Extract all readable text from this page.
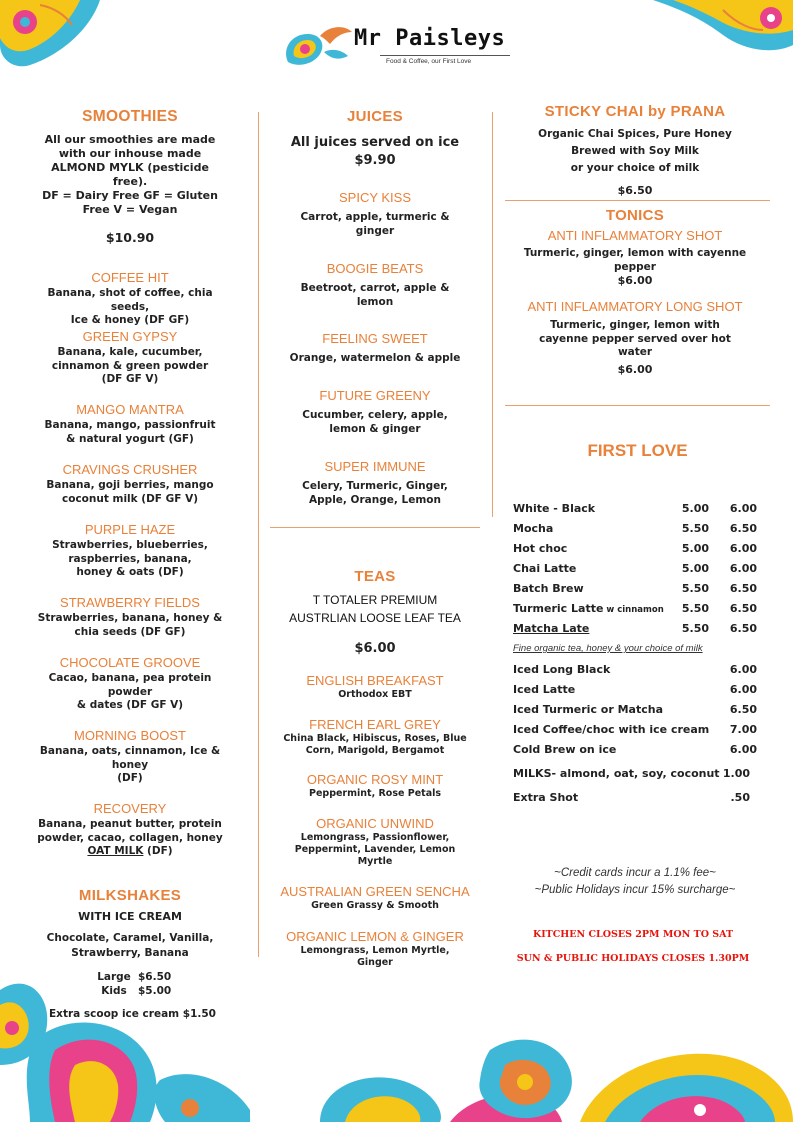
Mr Paisleys
Food & Coffee, our First Love
SMOOTHIES
All our smoothies are made
with our inhouse made
ALMOND MYLK (pesticide
free).
DF = Dairy Free GF = Gluten
Free V = Vegan
$10.90
COFFEE HIT
Banana, shot of coffee, chia seeds,
Ice & honey (DF GF)
GREEN GYPSY
Banana, kale, cucumber,
cinnamon & green powder
(DF GF V)
MANGO MANTRA
Banana, mango, passionfruit
& natural yogurt (GF)
CRAVINGS CRUSHER
Banana, goji berries, mango
coconut milk (DF GF V)
PURPLE HAZE
Strawberries, blueberries,
raspberries, banana,
honey & oats (DF)
STRAWBERRY FIELDS
Strawberries, banana, honey &
chia seeds (DF GF)
CHOCOLATE GROOVE
Cacao, banana, pea protein
powder
& dates (DF GF V)
MORNING BOOST
Banana, oats, cinnamon, Ice &
honey
(DF)
RECOVERY
Banana, peanut butter, protein
powder, cacao, collagen, honey
OAT MILK (DF)
MILKSHAKES
WITH ICE CREAM
Chocolate, Caramel, Vanilla,
Strawberry, Banana
Large $6.50
Kids $5.00
Extra scoop ice cream $1.50
JUICES
All juices served on ice
$9.90
SPICY KISS
Carrot, apple, turmeric &
ginger
BOOGIE BEATS
Beetroot, carrot, apple &
lemon
FEELING SWEET
Orange, watermelon & apple
FUTURE GREENY
Cucumber, celery, apple,
lemon & ginger
SUPER IMMUNE
Celery, Turmeric, Ginger,
Apple, Orange, Lemon
TEAS
T TOTALER PREMIUM
AUSTRLIAN LOOSE LEAF TEA
$6.00
ENGLISH BREAKFAST
Orthodox EBT
FRENCH EARL GREY
China Black, Hibiscus, Roses, Blue
Corn, Marigold, Bergamot
ORGANIC ROSY MINT
Peppermint, Rose Petals
ORGANIC UNWIND
Lemongrass, Passionflower,
Peppermint, Lavender, Lemon
Myrtle
AUSTRALIAN GREEN SENCHA
Green Grassy & Smooth
ORGANIC LEMON & GINGER
Lemongrass, Lemon Myrtle,
Ginger
STICKY CHAI by PRANA
Organic Chai Spices, Pure Honey
Brewed with Soy Milk
or your choice of milk
$6.50
TONICS
ANTI INFLAMMATORY SHOT
Turmeric, ginger, lemon with cayenne
pepper
$6.00
ANTI INFLAMMATORY LONG SHOT
Turmeric, ginger, lemon with
cayenne pepper served over hot
water
$6.00
FIRST LOVE
White - Black	5.00 6.00
Mocha	5.50 6.50
Hot choc	5.00 6.00
Chai Latte	5.00 6.00
Batch Brew	5.50 6.50
Turmeric Latte w cinnamon 5.50 6.50
Matcha Late	5.50 6.50
Fine organic tea, honey & your choice of milk
Iced Long Black	6.00
Iced Latte	6.00
Iced Turmeric or Matcha	6.50
Iced Coffee/choc with ice cream 7.00
Cold Brew on ice	6.00
MILKS- almond, oat, soy, coconut 1.00
Extra Shot	.50
~Credit cards incur a 1.1% fee~
~Public Holidays incur 15% surcharge~
KITCHEN CLOSES 2PM MON TO SAT
SUN & PUBLIC HOLIDAYS CLOSES 1.30PM
